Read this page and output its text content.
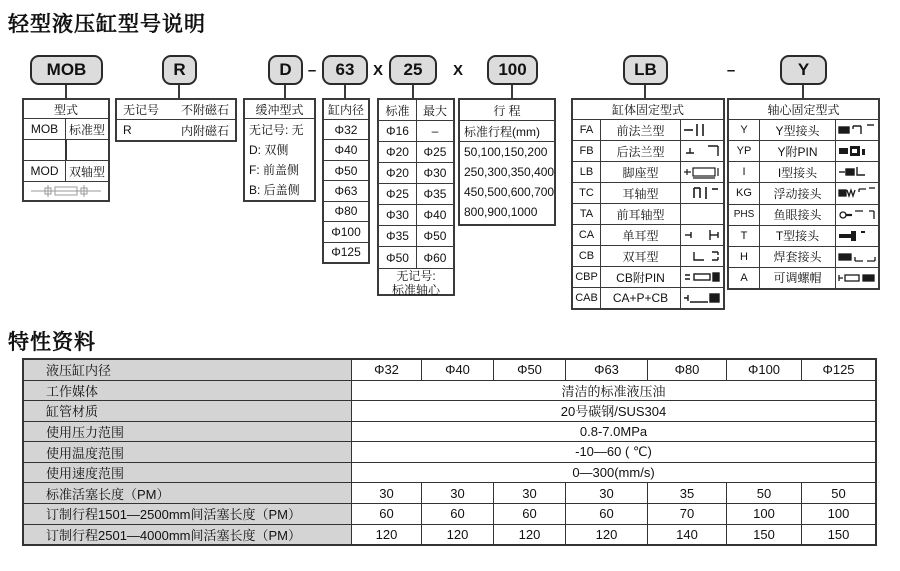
轻型液压缸型号说明
MOB	R	D	–	63	X	25	X	100	LB	–	Y
型式
MOB 标准型
MOD 双轴型
无记号 不附磁石
R	内附磁石
缓冲型式
无记号: 无
D: 双侧
F: 前盖侧
B: 后盖侧
缸内径
Φ32
Φ40
Φ50
Φ63
Φ80
Φ100
Φ125
标准	最大
Φ16	–
Φ20	Φ25
Φ20	Φ30
Φ25	Φ35
Φ30	Φ40
Φ35	Φ50
Φ50	Φ60
无记号:
标准轴心
行 程
标准行程(mm)
50,100,150,200
250,300,350,400
450,500,600,700
800,900,1000
缸体固定型式
FA	前法兰型
FB	后法兰型
LB	脚座型
TC	耳轴型
TA	前耳轴型
CA	单耳型
CB	双耳型
CBP	CB附PIN
CAB	CA+P+CB
轴心固定型式
Y	Y型接头
YP	Y附PIN
I	I型接头
KG	浮动接头
PHS	鱼眼接头
T	T型接头
H	焊套接头
A	可调螺帽
特性资料
液压缸内径	Φ32	Φ40	Φ50	Φ63	Φ80	Φ100	Φ125
工作媒体	清洁的标准液压油
缸管材质	20号碳钢/SUS304
使用压力范围	0.8-7.0MPa
使用温度范围	-10—60 ( ℃)
使用速度范围	0—300(mm/s)
标准活塞长度（PM）	30	30	30	30	35	50	50
订制行程1501—2500mm间活塞长度（PM）	60	60	60	60	70	100	100
订制行程2501—4000mm间活塞长度（PM）	120	120	120	120	140	150	150
